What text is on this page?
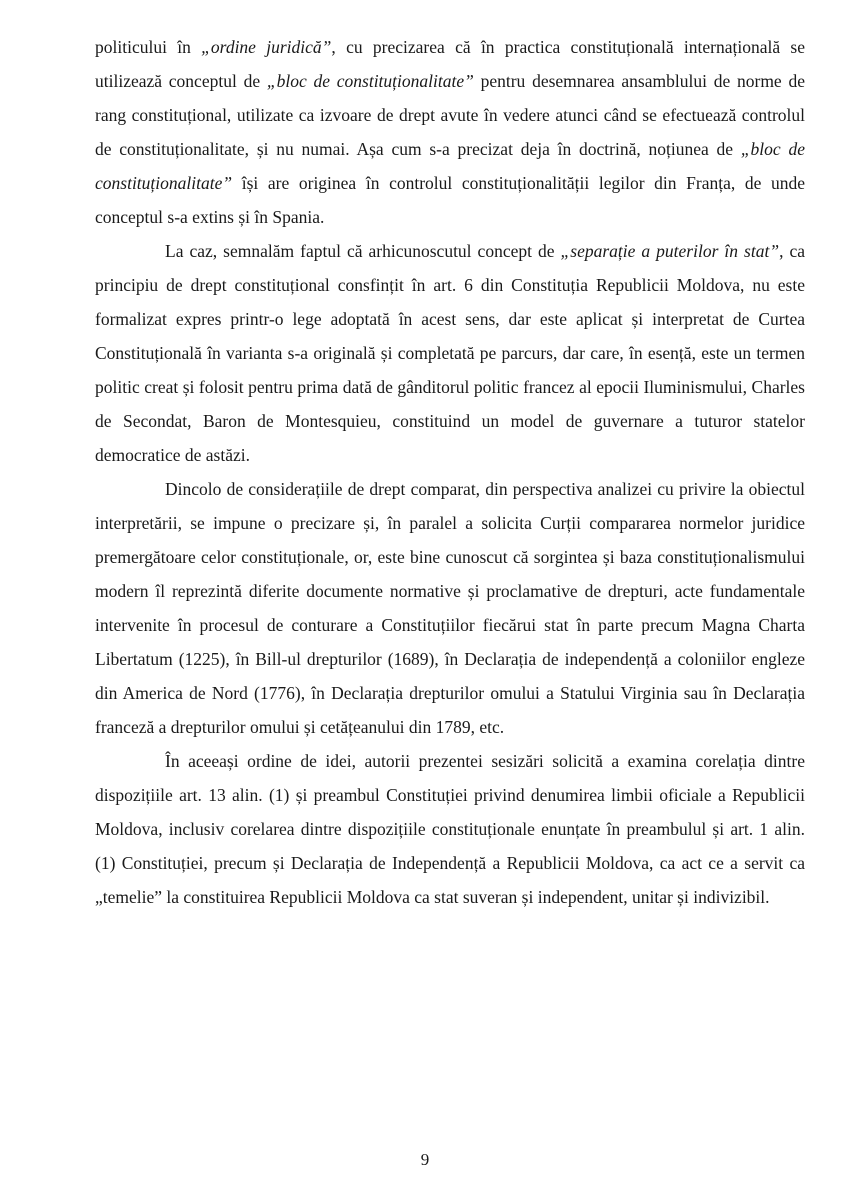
politicului în „ordine juridică”, cu precizarea că în practica constituțională internațională se utilizează conceptul de „bloc de constituționalitate” pentru desemnarea ansamblului de norme de rang constituțional, utilizate ca izvoare de drept avute în vedere atunci când se efectuează controlul de constituționalitate, și nu numai. Așa cum s-a precizat deja în doctrină, noțiunea de „bloc de constituționalitate” își are originea în controlul constituționalității legilor din Franța, de unde conceptul s-a extins și în Spania.

La caz, semnalăm faptul că arhicunoscutul concept de „separație a puterilor în stat”, ca principiu de drept constituțional consfințit în art. 6 din Constituția Republicii Moldova, nu este formalizat expres printr-o lege adoptată în acest sens, dar este aplicat și interpretat de Curtea Constituțională în varianta s-a originală și completată pe parcurs, dar care, în esență, este un termen politic creat și folosit pentru prima dată de gânditorul politic francez al epocii Iluminismului, Charles de Secondat, Baron de Montesquieu, constituind un model de guvernare a tuturor statelor democratice de astăzi.

Dincolo de considerațiile de drept comparat, din perspectiva analizei cu privire la obiectul interpretării, se impune o precizare și, în paralel a solicita Curții compararea normelor juridice premergătoare celor constituționale, or, este bine cunoscut că sorgintea și baza constituționalismului modern îl reprezintă diferite documente normative și proclamative de drepturi, acte fundamentale intervenite în procesul de conturare a Constituțiilor fiecărui stat în parte precum Magna Charta Libertatum (1225), în Bill-ul drepturilor (1689), în Declarația de independență a coloniilor engleze din America de Nord (1776), în Declarația drepturilor omului a Statului Virginia sau în Declarația franceză a drepturilor omului și cetățeanului din 1789, etc.

În aceeași ordine de idei, autorii prezentei sesizări solicită a examina corelația dintre dispozițiile art. 13 alin. (1) și preambul Constituției privind denumirea limbii oficiale a Republicii Moldova, inclusiv corelarea dintre dispozițiile constituționale enunțate în preambulul și art. 1 alin. (1) Constituției, precum și Declarația de Independență a Republicii Moldova, ca act ce a servit ca „temelie” la constituirea Republicii Moldova ca stat suveran și independent, unitar și indivizibil.

9
